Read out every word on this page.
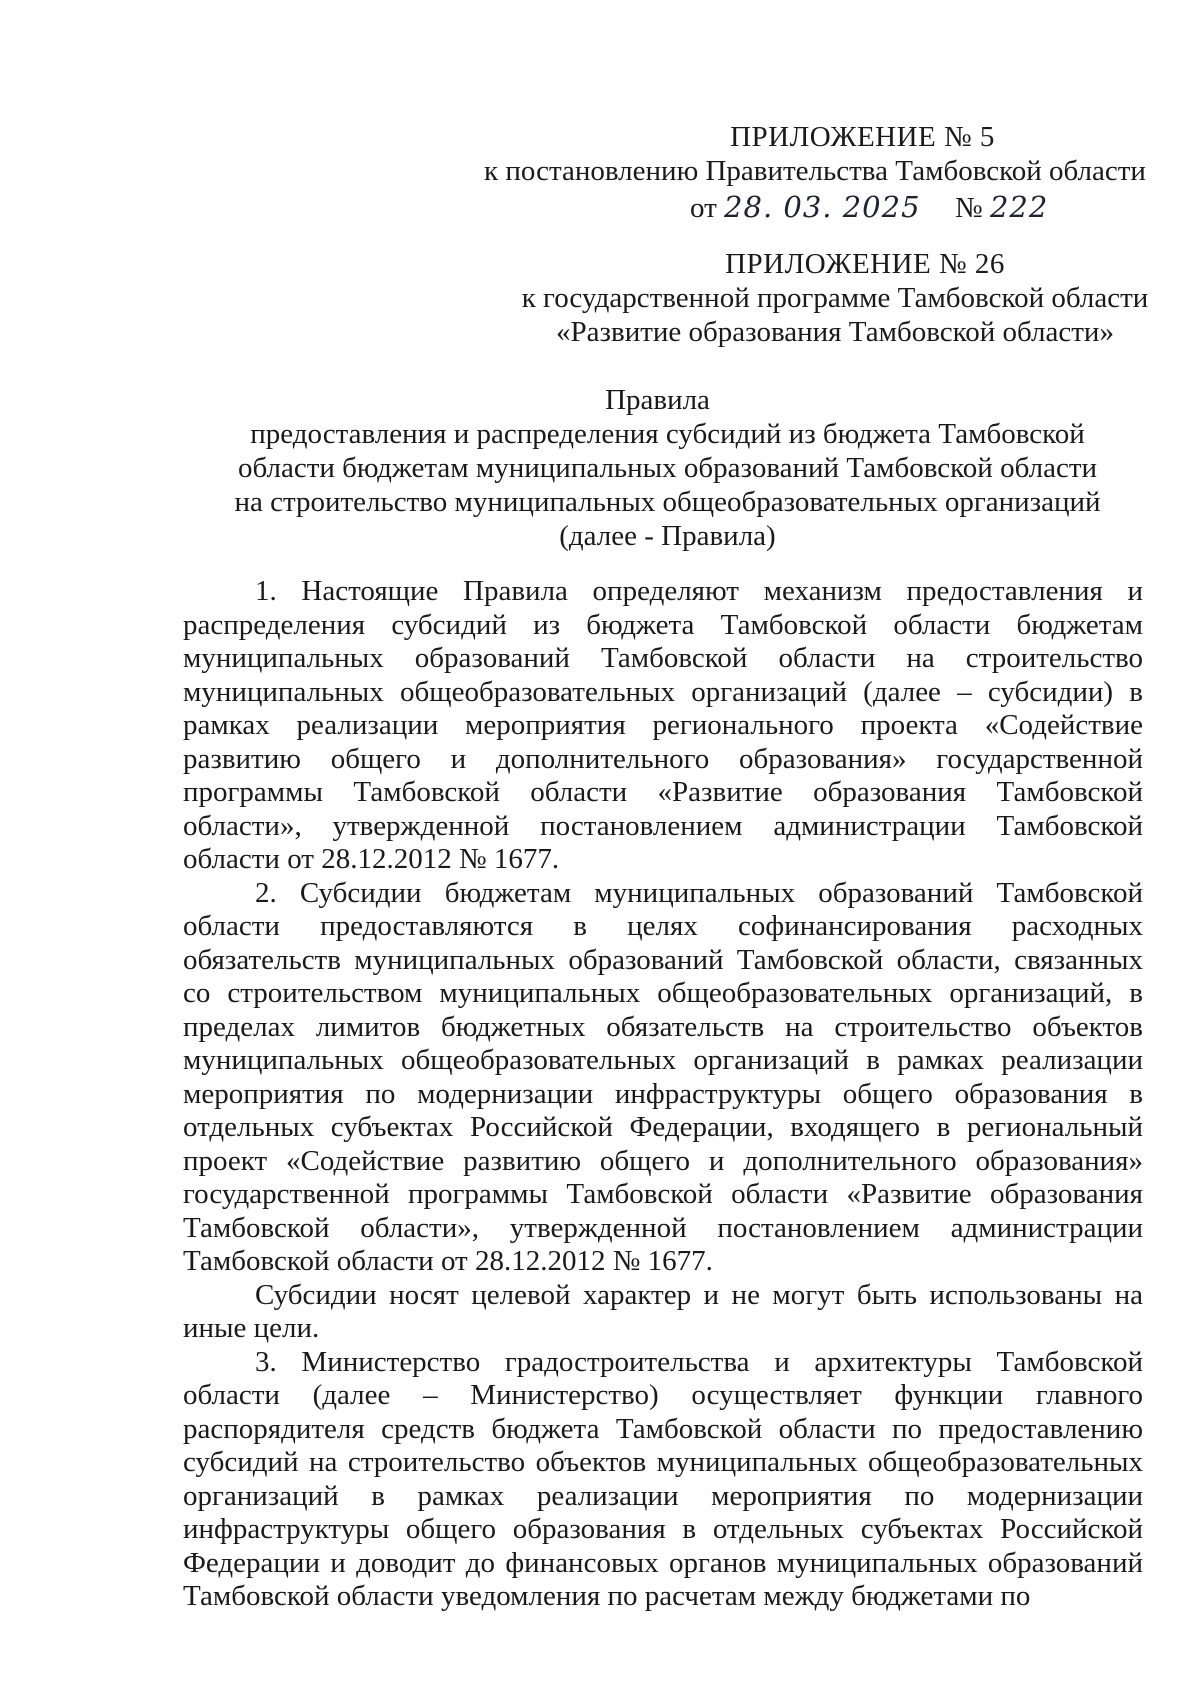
ПРИЛОЖЕНИЕ № 5
к постановлению Правительства Тамбовской области
от 28. 03. 2025 № 222
ПРИЛОЖЕНИЕ № 26
к государственной программе Тамбовской области
«Развитие образования Тамбовской области»
Правила
предоставления и распределения субсидий из бюджета Тамбовской
области бюджетам муниципальных образований Тамбовской области
на строительство муниципальных общеобразовательных организаций
(далее - Правила)

1. Настоящие Правила определяют механизм предоставления и распределения субсидий из бюджета Тамбовской области бюджетам муниципальных образований Тамбовской области на строительство муниципальных общеобразовательных организаций (далее – субсидии) в рамках реализации мероприятия регионального проекта «Содействие развитию общего и дополнительного образования» государственной программы Тамбовской области «Развитие образования Тамбовской области», утвержденной постановлением администрации Тамбовской области от 28.12.2012 № 1677.

2. Субсидии бюджетам муниципальных образований Тамбовской области предоставляются в целях софинансирования расходных обязательств муниципальных образований Тамбовской области, связанных со строительством муниципальных общеобразовательных организаций, в пределах лимитов бюджетных обязательств на строительство объектов муниципальных общеобразовательных организаций в рамках реализации мероприятия по модернизации инфраструктуры общего образования в отдельных субъектах Российской Федерации, входящего в региональный проект «Содействие развитию общего и дополнительного образования» государственной программы Тамбовской области «Развитие образования Тамбовской области», утвержденной постановлением администрации Тамбовской области от 28.12.2012 № 1677.

Субсидии носят целевой характер и не могут быть использованы на иные цели.

3. Министерство градостроительства и архитектуры Тамбовской области (далее – Министерство) осуществляет функции главного распорядителя средств бюджета Тамбовской области по предоставлению субсидий на строительство объектов муниципальных общеобразовательных организаций в рамках реализации мероприятия по модернизации инфраструктуры общего образования в отдельных субъектах Российской Федерации и доводит до финансовых органов муниципальных образований Тамбовской области уведомления по расчетам между бюджетами по
